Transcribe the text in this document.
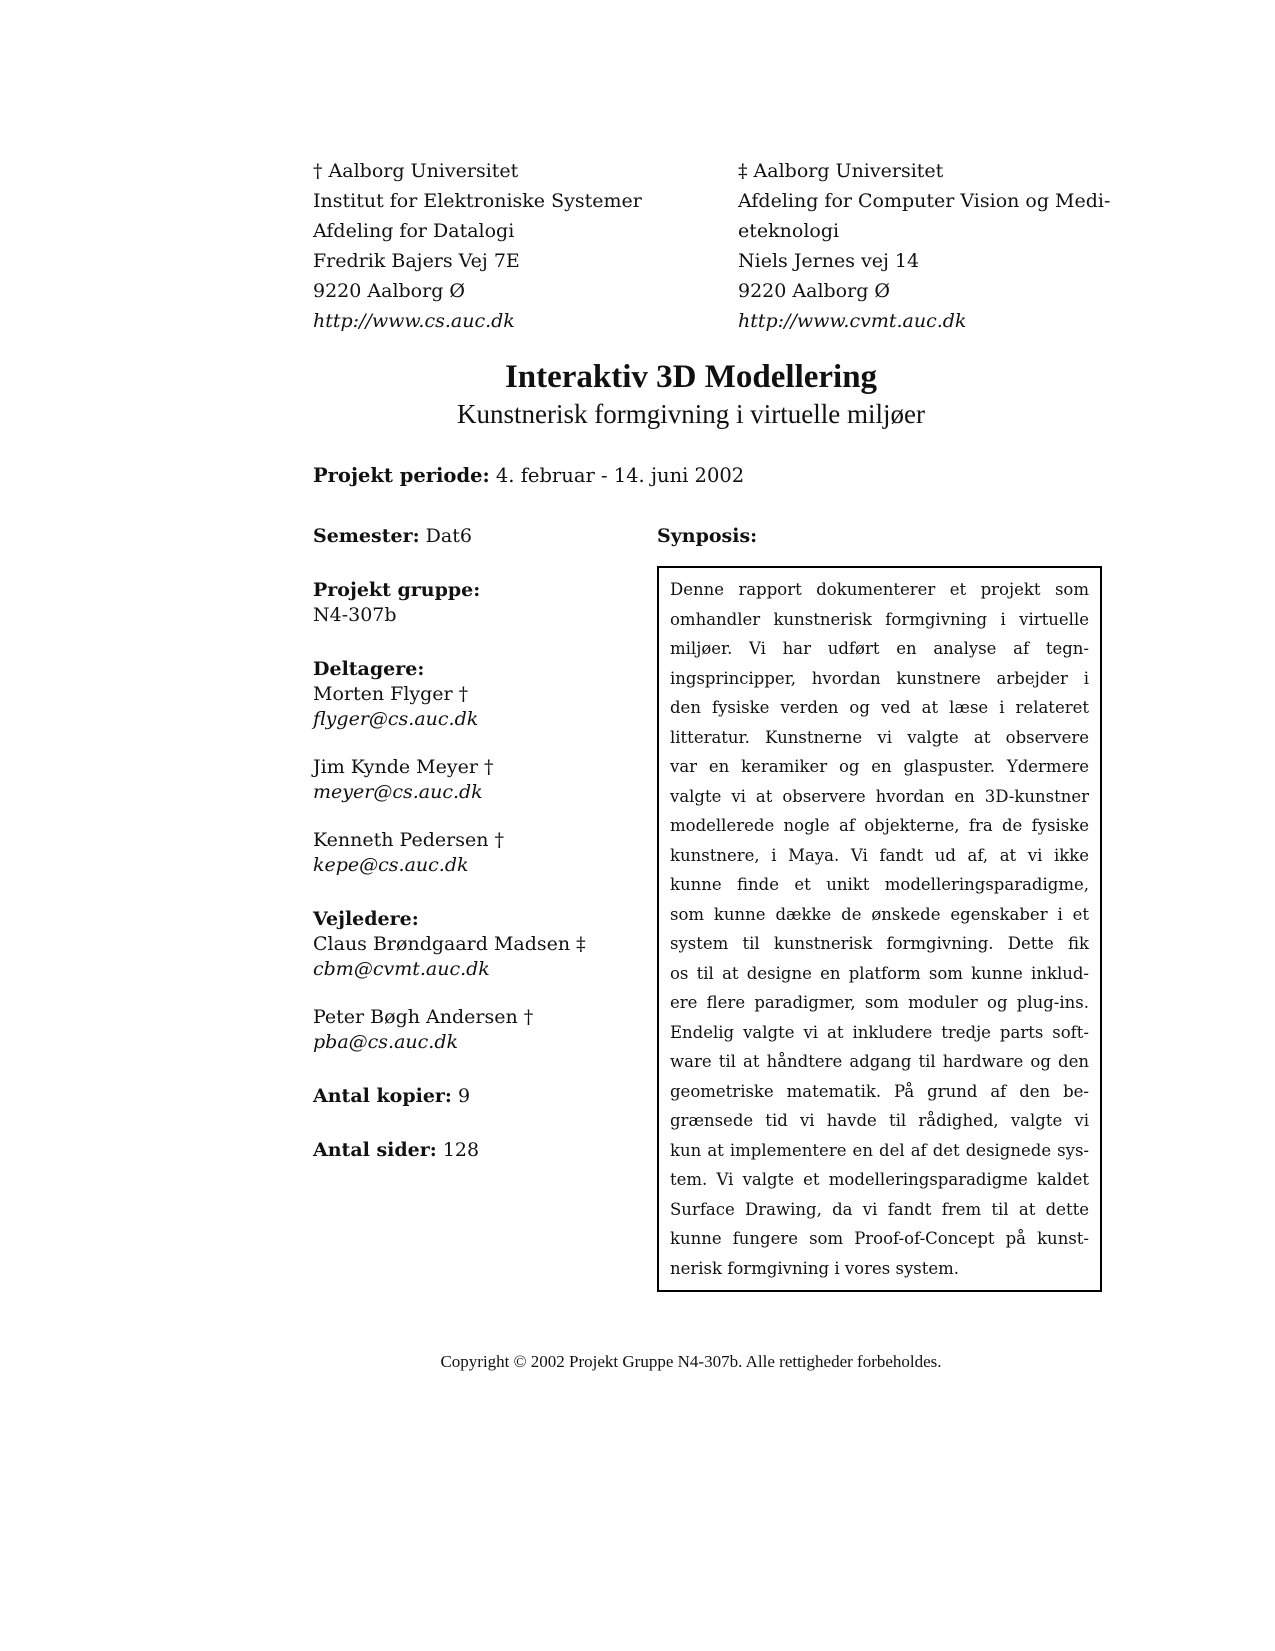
† Aalborg Universitet
Institut for Elektroniske Systemer
Afdeling for Datalogi
Fredrik Bajers Vej 7E
9220 Aalborg Ø
http://www.cs.auc.dk
‡ Aalborg Universitet
Afdeling for Computer Vision og Medi-
eteknologi
Niels Jernes vej 14
9220 Aalborg Ø
http://www.cvmt.auc.dk
Interaktiv 3D Modellering
Kunstnerisk formgivning i virtuelle miljøer
Projekt periode: 4. februar - 14. juni 2002
Semester: Dat6
Projekt gruppe:
N4-307b
Deltagere:
Morten Flyger †
flyger@cs.auc.dk
Jim Kynde Meyer †
meyer@cs.auc.dk
Kenneth Pedersen †
kepe@cs.auc.dk
Vejledere:
Claus Brøndgaard Madsen ‡
cbm@cvmt.auc.dk
Peter Bøgh Andersen †
pba@cs.auc.dk
Antal kopier: 9
Antal sider: 128
Synposis:
Denne rapport dokumenterer et projekt som
omhandler kunstnerisk formgivning i virtuelle
miljøer. Vi har udført en analyse af tegn-
ingsprincipper, hvordan kunstnere arbejder i
den fysiske verden og ved at læse i relateret
litteratur. Kunstnerne vi valgte at observere
var en keramiker og en glaspuster. Ydermere
valgte vi at observere hvordan en 3D-kunstner
modellerede nogle af objekterne, fra de fysiske
kunstnere, i Maya. Vi fandt ud af, at vi ikke
kunne finde et unikt modelleringsparadigme,
som kunne dække de ønskede egenskaber i et
system til kunstnerisk formgivning. Dette fik
os til at designe en platform som kunne inklud-
ere flere paradigmer, som moduler og plug-ins.
Endelig valgte vi at inkludere tredje parts soft-
ware til at håndtere adgang til hardware og den
geometriske matematik. På grund af den be-
grænsede tid vi havde til rådighed, valgte vi
kun at implementere en del af det designede sys-
tem. Vi valgte et modelleringsparadigme kaldet
Surface Drawing, da vi fandt frem til at dette
kunne fungere som Proof-of-Concept på kunst-
nerisk formgivning i vores system.
Copyright © 2002 Projekt Gruppe N4-307b. Alle rettigheder forbeholdes.
